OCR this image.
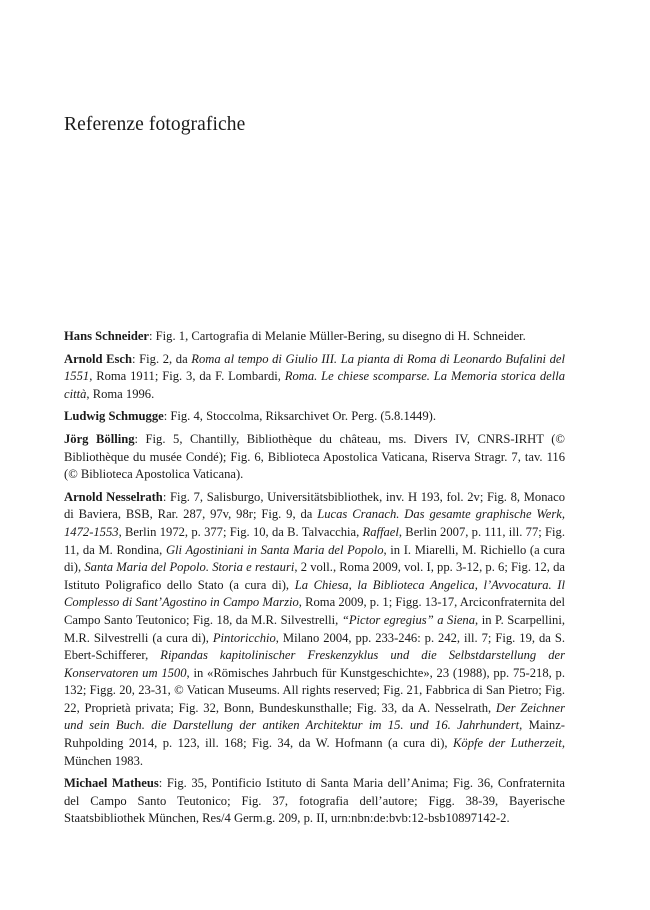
Referenze fotografiche

Hans Schneider: Fig. 1, Cartografia di Melanie Müller-Bering, su disegno di H. Schneider.

Arnold Esch: Fig. 2, da Roma al tempo di Giulio III. La pianta di Roma di Leonardo Bufalini del 1551, Roma 1911; Fig. 3, da F. Lombardi, Roma. Le chiese scomparse. La Memoria storica della città, Roma 1996.

Ludwig Schmugge: Fig. 4, Stoccolma, Riksarchivet Or. Perg. (5.8.1449).

Jörg Bölling: Fig. 5, Chantilly, Bibliothèque du château, ms. Divers IV, CNRS-IRHT (© Bibliothèque du musée Condé); Fig. 6, Biblioteca Apostolica Vaticana, Riserva Stragr. 7, tav. 116 (© Biblioteca Apostolica Vaticana).

Arnold Nesselrath: Fig. 7, Salisburgo, Universitätsbibliothek, inv. H 193, fol. 2v; Fig. 8, Monaco di Baviera, BSB, Rar. 287, 97v, 98r; Fig. 9, da Lucas Cranach. Das gesamte graphische Werk, 1472-1553, Berlin 1972, p. 377; Fig. 10, da B. Talvacchia, Raffael, Berlin 2007, p. 111, ill. 77; Fig. 11, da M. Rondina, Gli Agostiniani in Santa Maria del Popolo, in I. Miarelli, M. Richiello (a cura di), Santa Maria del Popolo. Storia e restauri, 2 voll., Roma 2009, vol. I, pp. 3-12, p. 6; Fig. 12, da Istituto Poligrafico dello Stato (a cura di), La Chiesa, la Biblioteca Angelica, l’Avvocatura. Il Complesso di Sant’Agostino in Campo Marzio, Roma 2009, p. 1; Figg. 13-17, Arciconfraternita del Campo Santo Teutonico; Fig. 18, da M.R. Silvestrelli, “Pictor egregius” a Siena, in P. Scarpellini, M.R. Silvestrelli (a cura di), Pintoricchio, Milano 2004, pp. 233-246: p. 242, ill. 7; Fig. 19, da S. Ebert-Schifferer, Ripandas kapitolinischer Freskenzyklus und die Selbstdarstellung der Konservatoren um 1500, in «Römisches Jahrbuch für Kunstgeschichte», 23 (1988), pp. 75-218, p. 132; Figg. 20, 23-31, © Vatican Museums. All rights reserved; Fig. 21, Fabbrica di San Pietro; Fig. 22, Proprietà privata; Fig. 32, Bonn, Bundeskunsthalle; Fig. 33, da A. Nesselrath, Der Zeichner und sein Buch. die Darstellung der antiken Architektur im 15. und 16. Jahrhundert, Mainz-Ruhpolding 2014, p. 123, ill. 168; Fig. 34, da W. Hofmann (a cura di), Köpfe der Lutherzeit, München 1983.

Michael Matheus: Fig. 35, Pontificio Istituto di Santa Maria dell’Anima; Fig. 36, Confraternita del Campo Santo Teutonico; Fig. 37, fotografia dell’autore; Figg. 38-39, Bayerische Staatsbibliothek München, Res/4 Germ.g. 209, p. II, urn:nbn:de:bvb:12-bsb10897142-2.
